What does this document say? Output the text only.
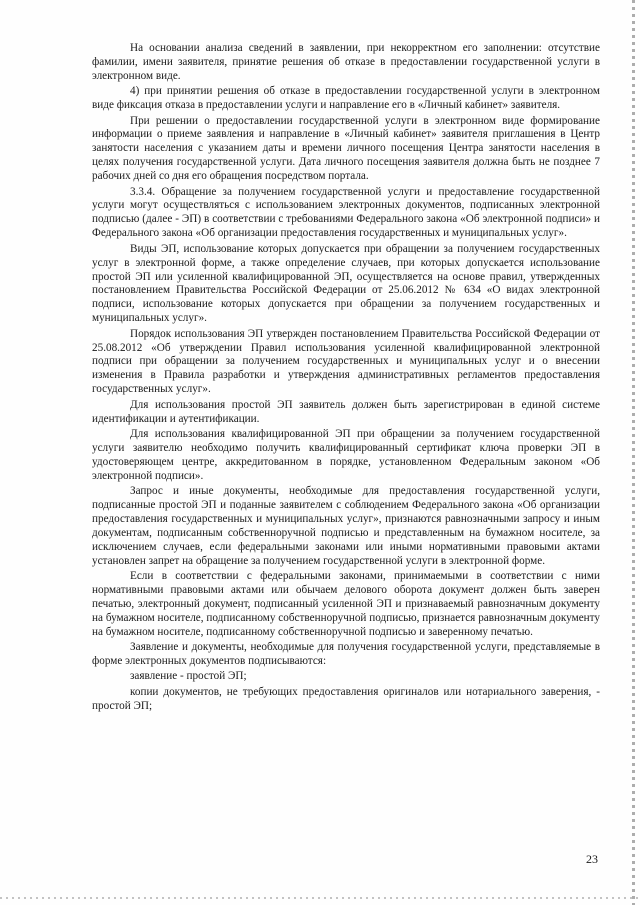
На основании анализа сведений в заявлении, при некорректном его заполнении: отсутствие фамилии, имени заявителя, принятие решения об отказе в предоставлении государственной услуги в электронном виде.

4) при принятии решения об отказе в предоставлении государственной услуги в электронном виде фиксация отказа в предоставлении услуги и направление его в «Личный кабинет» заявителя.

При решении о предоставлении государственной услуги в электронном виде формирование информации о приеме заявления и направление в «Личный кабинет» заявителя приглашения в Центр занятости населения с указанием даты и времени личного посещения Центра занятости населения в целях получения государственной услуги. Дата личного посещения заявителя должна быть не позднее 7 рабочих дней со дня его обращения посредством портала.

3.3.4. Обращение за получением государственной услуги и предоставление государственной услуги могут осуществляться с использованием электронных документов, подписанных электронной подписью (далее - ЭП) в соответствии с требованиями Федерального закона «Об электронной подписи» и Федерального закона «Об организации предоставления государственных и муниципальных услуг».

Виды ЭП, использование которых допускается при обращении за получением государственных услуг в электронной форме, а также определение случаев, при которых допускается использование простой ЭП или усиленной квалифицированной ЭП, осуществляется на основе правил, утвержденных постановлением Правительства Российской Федерации от 25.06.2012 № 634 «О видах электронной подписи, использование которых допускается при обращении за получением государственных и муниципальных услуг».

Порядок использования ЭП утвержден постановлением Правительства Российской Федерации от 25.08.2012 «Об утверждении Правил использования усиленной квалифицированной электронной подписи при обращении за получением государственных и муниципальных услуг и о внесении изменения в Правила разработки и утверждения административных регламентов предоставления государственных услуг».

Для использования простой ЭП заявитель должен быть зарегистрирован в единой системе идентификации и аутентификации.

Для использования квалифицированной ЭП при обращении за получением государственной услуги заявителю необходимо получить квалифицированный сертификат ключа проверки ЭП в удостоверяющем центре, аккредитованном в порядке, установленном Федеральным законом «Об электронной подписи».

Запрос и иные документы, необходимые для предоставления государственной услуги, подписанные простой ЭП и поданные заявителем с соблюдением Федерального закона «Об организации предоставления государственных и муниципальных услуг», признаются равнозначными запросу и иным документам, подписанным собственноручной подписью и представленным на бумажном носителе, за исключением случаев, если федеральными законами или иными нормативными правовыми актами установлен запрет на обращение за получением государственной услуги в электронной форме.

Если в соответствии с федеральными законами, принимаемыми в соответствии с ними нормативными правовыми актами или обычаем делового оборота документ должен быть заверен печатью, электронный документ, подписанный усиленной ЭП и признаваемый равнозначным документу на бумажном носителе, подписанному собственноручной подписью, признается равнозначным документу на бумажном носителе, подписанному собственноручной подписью и заверенному печатью.

Заявление и документы, необходимые для получения государственной услуги, представляемые в форме электронных документов подписываются:

заявление - простой ЭП;

копии документов, не требующих предоставления оригиналов или нотариального заверения, - простой ЭП;

23
